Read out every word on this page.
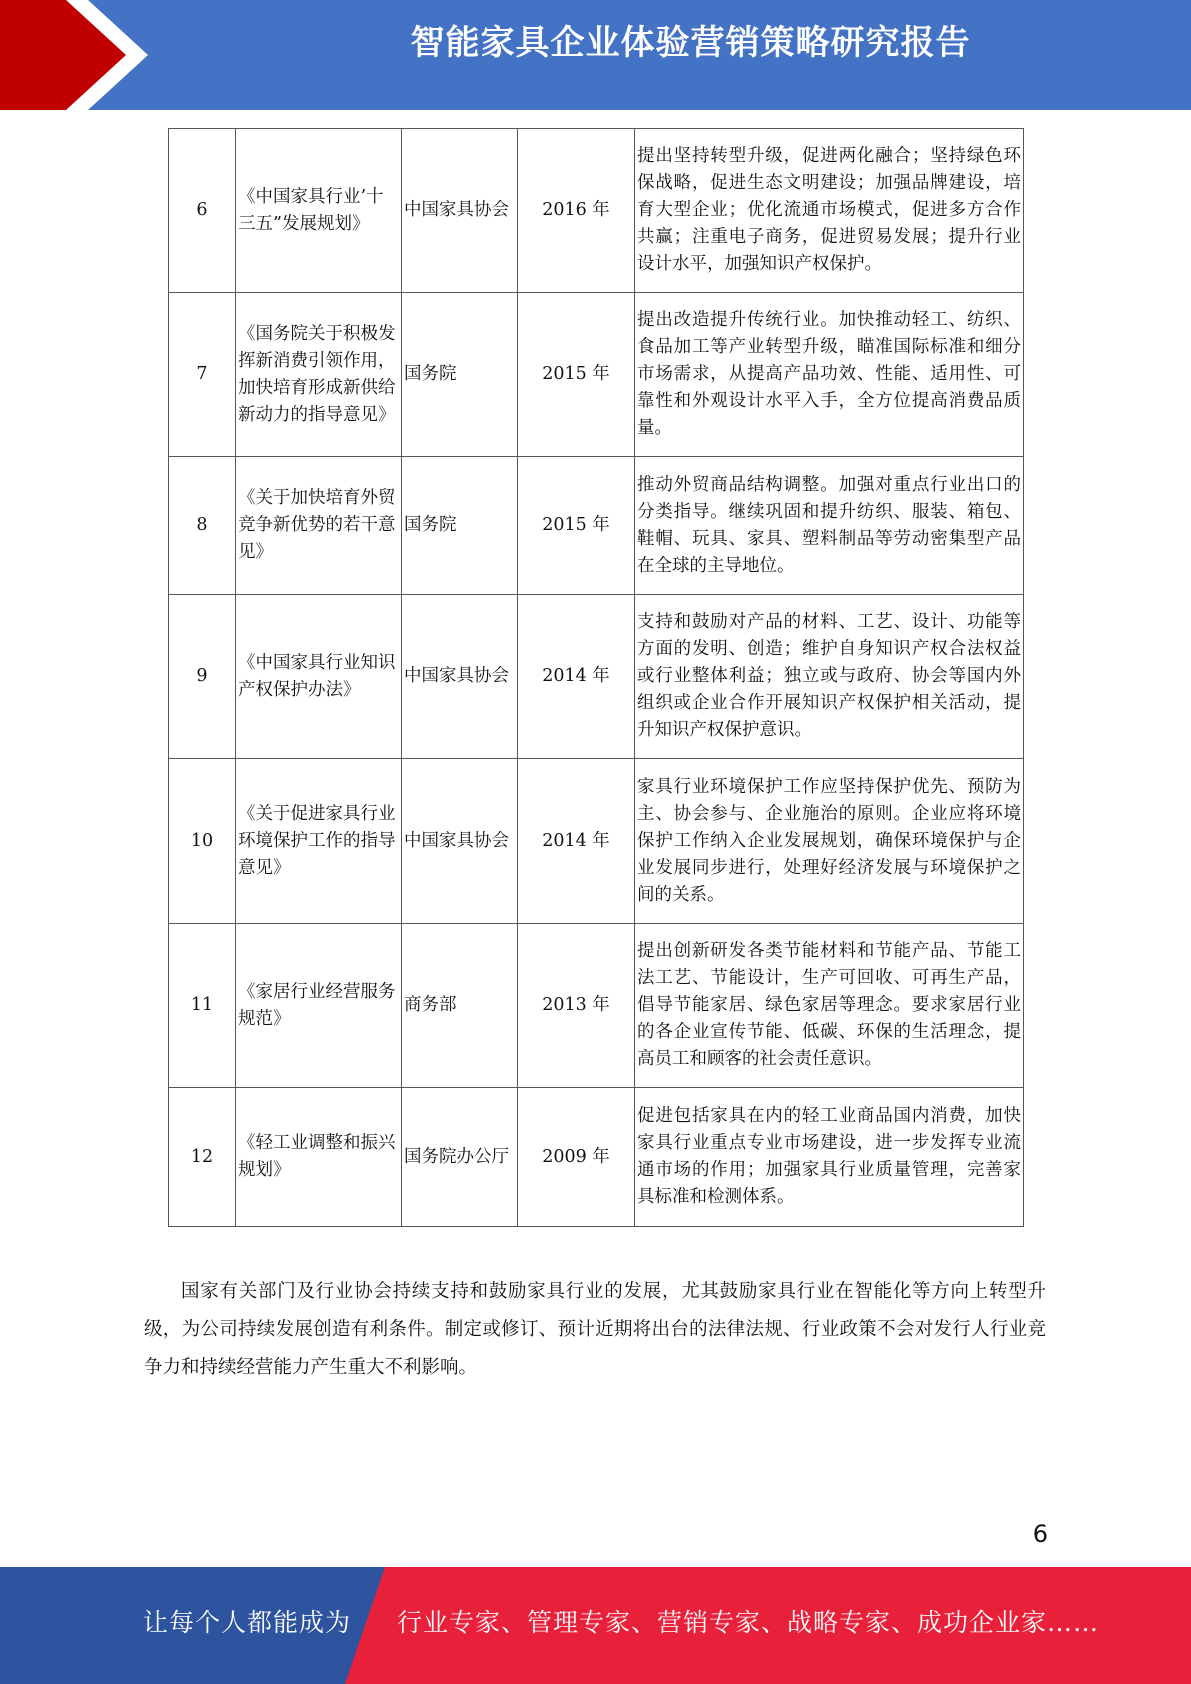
智能家具企业体验营销策略研究报告
6	《中国家具行业’十三五”发展规划》	中国家具协会	2016 年	提出坚持转型升级，促进两化融合；坚持绿色环保战略，促进生态文明建设；加强品牌建设，培育大型企业；优化流通市场模式，促进多方合作共赢；注重电子商务，促进贸易发展；提升行业设计水平，加强知识产权保护。
7	《国务院关于积极发挥新消费引领作用，加快培育形成新供给新动力的指导意见》	国务院	2015 年	提出改造提升传统行业。加快推动轻工、纺织、食品加工等产业转型升级，瞄准国际标准和细分市场需求，从提高产品功效、性能、适用性、可靠性和外观设计水平入手，全方位提高消费品质量。
8	《关于加快培育外贸竞争新优势的若干意见》	国务院	2015 年	推动外贸商品结构调整。加强对重点行业出口的分类指导。继续巩固和提升纺织、服装、箱包、鞋帽、玩具、家具、塑料制品等劳动密集型产品在全球的主导地位。
9	《中国家具行业知识产权保护办法》	中国家具协会	2014 年	支持和鼓励对产品的材料、工艺、设计、功能等方面的发明、创造；维护自身知识产权合法权益或行业整体利益；独立或与政府、协会等国内外组织或企业合作开展知识产权保护相关活动，提升知识产权保护意识。
10	《关于促进家具行业环境保护工作的指导意见》	中国家具协会	2014 年	家具行业环境保护工作应坚持保护优先、预防为主、协会参与、企业施治的原则。企业应将环境保护工作纳入企业发展规划，确保环境保护与企业发展同步进行，处理好经济发展与环境保护之间的关系。
11	《家居行业经营服务规范》	商务部	2013 年	提出创新研发各类节能材料和节能产品、节能工法工艺、节能设计，生产可回收、可再生产品，倡导节能家居、绿色家居等理念。要求家居行业的各企业宣传节能、低碳、环保的生活理念，提高员工和顾客的社会责任意识。
12	《轻工业调整和振兴规划》	国务院办公厅	2009 年	促进包括家具在内的轻工业商品国内消费，加快家具行业重点专业市场建设，进一步发挥专业流通市场的作用；加强家具行业质量管理，完善家具标准和检测体系。

国家有关部门及行业协会持续支持和鼓励家具行业的发展，尤其鼓励家具行业在智能化等方向上转型升级，为公司持续发展创造有利条件。制定或修订、预计近期将出台的法律法规、行业政策不会对发行人行业竞争力和持续经营能力产生重大不利影响。

6
让每个人都能成为 行业专家、管理专家、营销专家、战略专家、成功企业家……
